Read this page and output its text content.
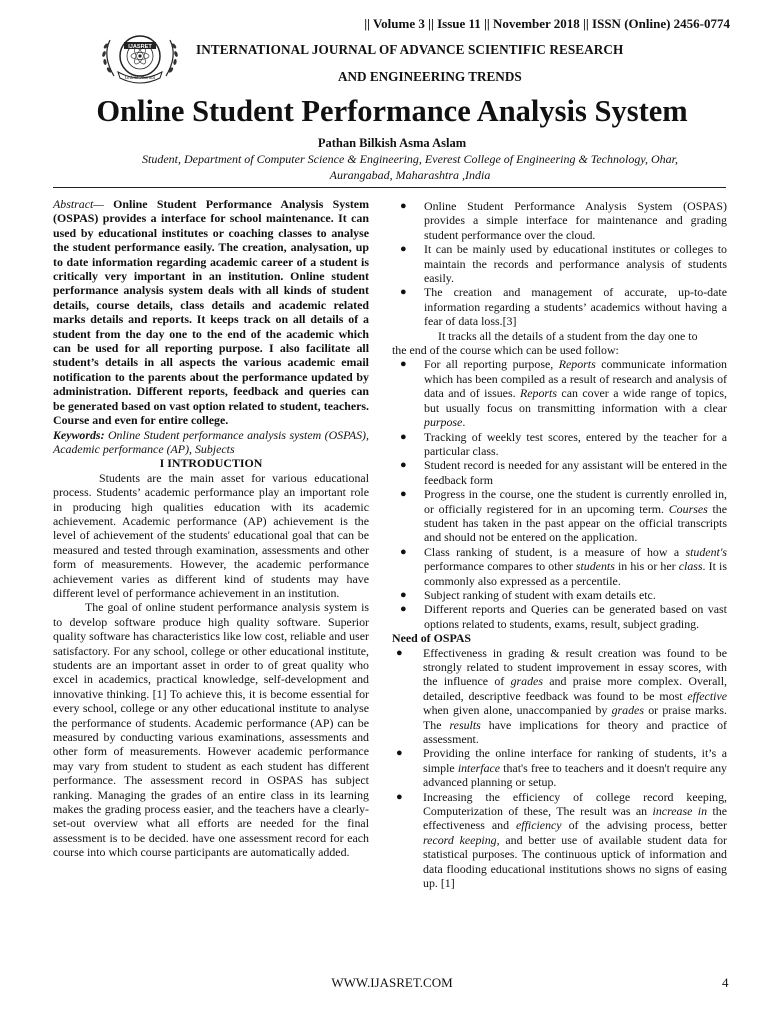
|| Volume 3 || Issue 11 || November 2018 || ISSN (Online) 2456-0774
IJASRET
Online Journal
INTERNATIONAL JOURNAL OF ADVANCE SCIENTIFIC RESEARCH
AND ENGINEERING TRENDS
Online Student Performance Analysis System
Pathan Bilkish Asma Aslam
Student, Department of Computer Science & Engineering, Everest College of Engineering & Technology, Ohar,
Aurangabad, Maharashtra ,India

Abstract— Online Student Performance Analysis System (OSPAS) provides a interface for school maintenance. It can used by educational institutes or coaching classes to analyse the student performance easily. The creation, analysation, up to date information regarding academic career of a student is critically very important in an institution. Online student performance analysis system deals with all kinds of student details, course details, class details and academic related marks details and reports. It keeps track on all details of a student from the day one to the end of the academic which can be used for all reporting purpose. I also facilitate all student’s details in all aspects the various academic email notification to the parents about the performance updated by administration. Different reports, feedback and queries can be generated based on vast option related to student, teachers. Course and even for entire college.

Keywords: Online Student performance analysis system (OSPAS), Academic performance (AP), Subjects

I INTRODUCTION

Students are the main asset for various educational process. Students’ academic performance play an important role in producing high qualities education with its academic achievement. Academic performance (AP) achievement is the level of achievement of the students' educational goal that can be measured and tested through examination, assessments and other form of measurements. However, the academic performance achievement varies as different kind of students may have different level of performance achievement in an institution.

The goal of online student performance analysis system is to develop software produce high quality software. Superior quality software has characteristics like low cost, reliable and user satisfactory. For any school, college or other educational institute, students are an important asset in order to of great quality who excel in academics, practical knowledge, self-development and innovative thinking. [1] To achieve this, it is become essential for every school, college or any other educational institute to analyse the performance of students. Academic performance (AP) can be measured by conducting various examinations, assessments and other form of measurements. However academic performance may vary from student to student as each student has different performance. The assessment record in OSPAS has subject ranking. Managing the grades of an entire class in its learning makes the grading process easier, and the teachers have a clearly-set-out overview what all efforts are needed for the final assessment is to be decided. have one assessment record for each course into which course participants are automatically added.

● Online Student Performance Analysis System (OSPAS) provides a simple interface for maintenance and grading student performance over the cloud.
● It can be mainly used by educational institutes or colleges to maintain the records and performance analysis of students easily.
● The creation and management of accurate, up-to-date information regarding a students’ academics without having a fear of data loss.[3]

It tracks all the details of a student from the day one to
the end of the course which can be used follow:

● For all reporting purpose, Reports communicate information which has been compiled as a result of research and analysis of data and of issues. Reports can cover a wide range of topics, but usually focus on transmitting information with a clear purpose.
● Tracking of weekly test scores, entered by the teacher for a particular class.
● Student record is needed for any assistant will be entered in the feedback form
● Progress in the course, one the student is currently enrolled in, or officially registered for in an upcoming term. Courses the student has taken in the past appear on the official transcripts and should not be entered on the application.
● Class ranking of student, is a measure of how a student's performance compares to other students in his or her class. It is commonly also expressed as a percentile.
● Subject ranking of student with exam details etc.
● Different reports and Queries can be generated based on vast options related to students, exams, result, subject grading.

Need of OSPAS

● Effectiveness in grading & result creation was found to be strongly related to student improvement in essay scores, with the influence of grades and praise more complex. Overall, detailed, descriptive feedback was found to be most effective when given alone, unaccompanied by grades or praise marks. The results have implications for theory and practice of assessment.
● Providing the online interface for ranking of students, it’s a simple interface that's free to teachers and it doesn't require any advanced planning or setup.
● Increasing the efficiency of college record keeping, Computerization of these, The result was an increase in the effectiveness and efficiency of the advising process, better record keeping, and better use of available student data for statistical purposes. The continuous uptick of information and data flooding educational institutions shows no signs of easing up. [1]
WWW.IJASRET.COM	4
